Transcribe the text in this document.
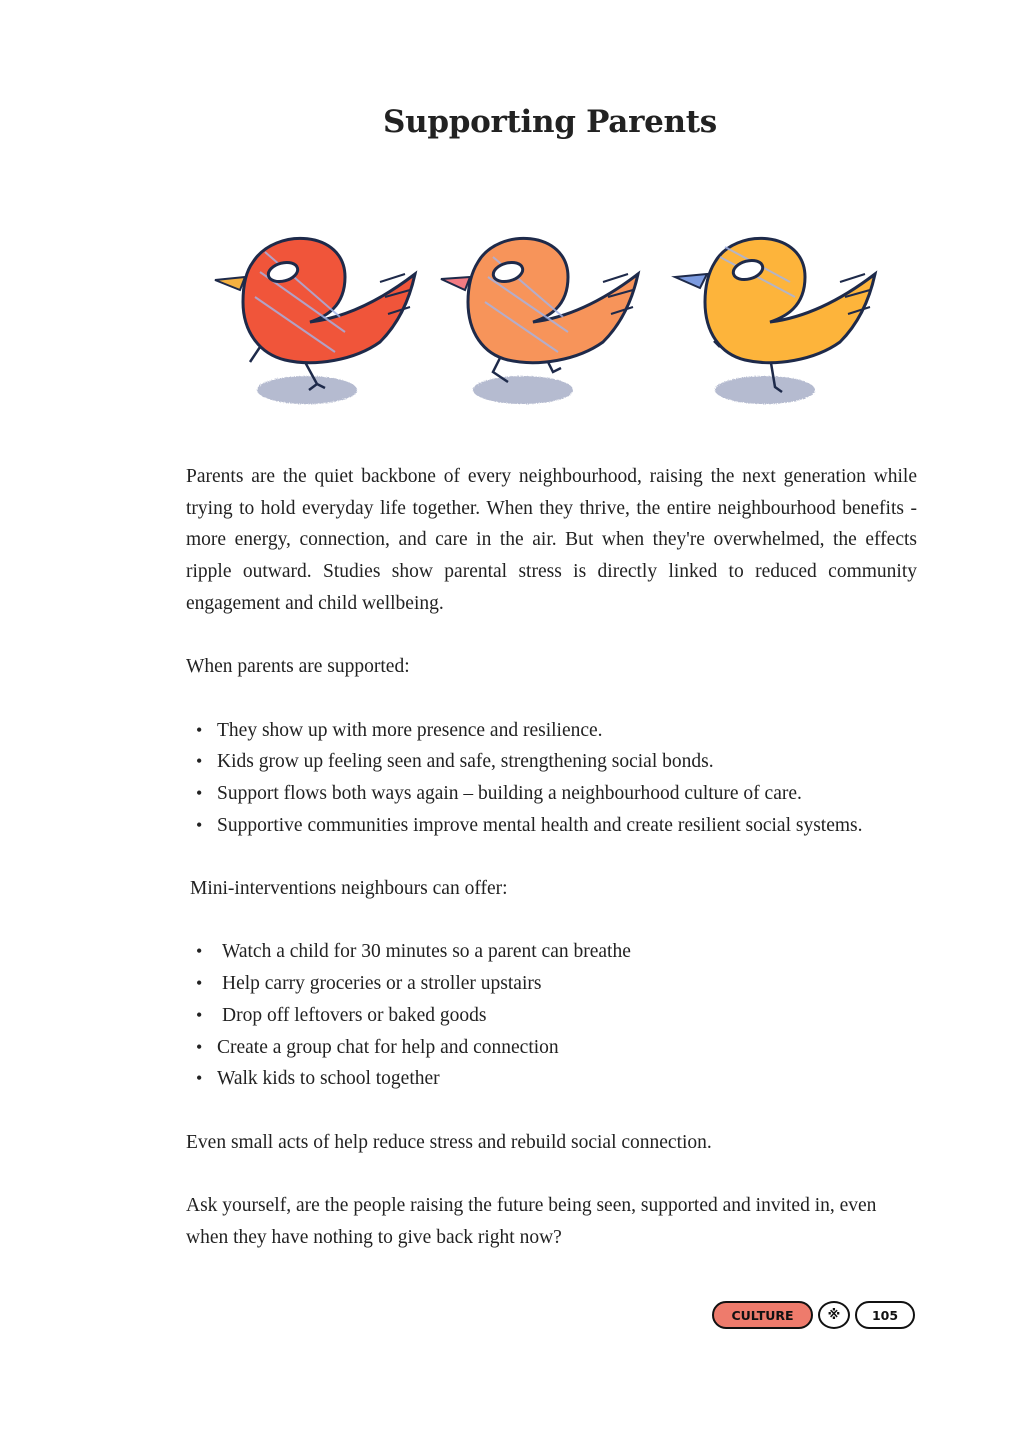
Supporting Parents

Parents are the quiet backbone of every neighbourhood, raising the next generation while trying to hold everyday life together. When they thrive, the entire neighbourhood benefits - more energy, connection, and care in the air. But when they're overwhelmed, the effects ripple outward. Studies show parental stress is directly linked to reduced community engagement and child wellbeing.

When parents are supported:

• They show up with more presence and resilience.
• Kids grow up feeling seen and safe, strengthening social bonds.
• Support flows both ways again – building a neighbourhood culture of care.
• Supportive communities improve mental health and create resilient social systems.

Mini-interventions neighbours can offer:

• Watch a child for 30 minutes so a parent can breathe
• Help carry groceries or a stroller upstairs
• Drop off leftovers or baked goods
• Create a group chat for help and connection
• Walk kids to school together

Even small acts of help reduce stress and rebuild social connection.

Ask yourself, are the people raising the future being seen, supported and invited in, even when they have nothing to give back right now?

CULTURE	※	105
